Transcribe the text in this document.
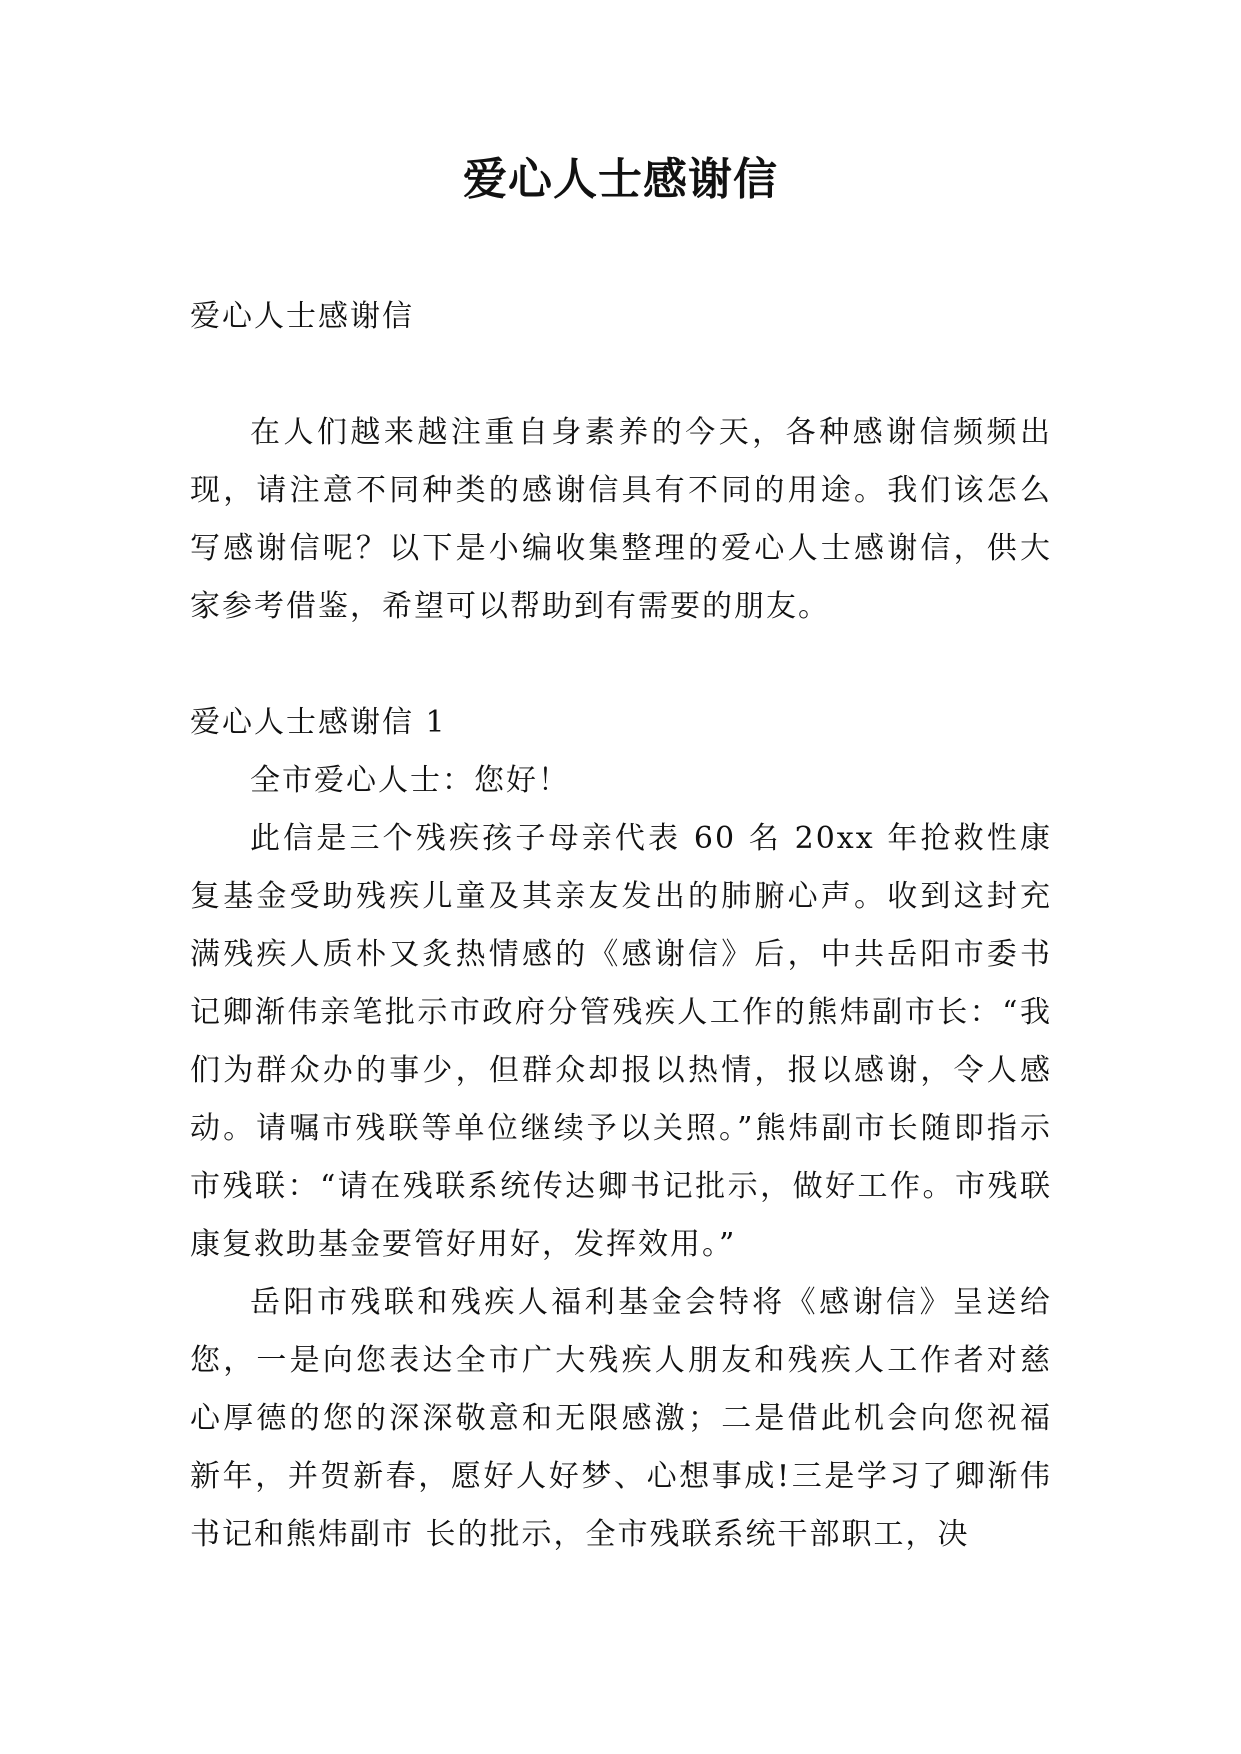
爱心人士感谢信

爱心人士感谢信

在人们越来越注重自身素养的今天，各种感谢信频频出现，请注意不同种类的感谢信具有不同的用途。我们该怎么写感谢信呢？以下是小编收集整理的爱心人士感谢信，供大家参考借鉴，希望可以帮助到有需要的朋友。

爱心人士感谢信 1

全市爱心人士：您好！

此信是三个残疾孩子母亲代表 60 名 20xx 年抢救性康复基金受助残疾儿童及其亲友发出的肺腑心声。收到这封充满残疾人质朴又炙热情感的《感谢信》后，中共岳阳市委书记卿渐伟亲笔批示市政府分管残疾人工作的熊炜副市长：“我们为群众办的事少，但群众却报以热情，报以感谢，令人感动。请嘱市残联等单位继续予以关照。”熊炜副市长随即指示市残联：“请在残联系统传达卿书记批示，做好工作。市残联康复救助基金要管好用好，发挥效用。”

岳阳市残联和残疾人福利基金会特将《感谢信》呈送给您，一是向您表达全市广大残疾人朋友和残疾人工作者对慈心厚德的您的深深敬意和无限感激；二是借此机会向您祝福新年，并贺新春，愿好人好梦、心想事成!三是学习了卿渐伟书记和熊炜副市 长的批示，全市残联系统干部职工，决
